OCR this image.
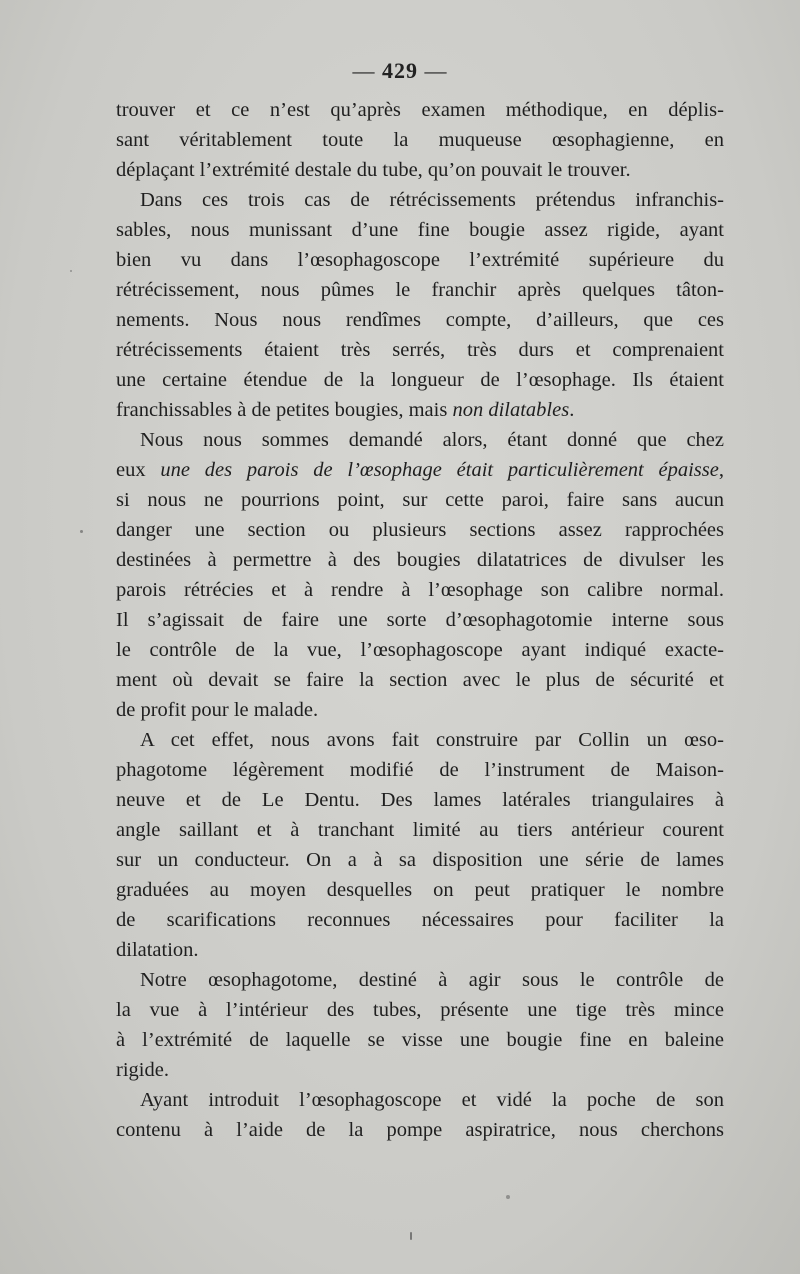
— 429 —

trouver et ce n’est qu’après examen méthodique, en déplis-
sant véritablement toute la muqueuse œsophagienne, en
déplaçant l’extrémité destale du tube, qu’on pouvait le trouver.

Dans ces trois cas de rétrécissements prétendus infranchis-
sables, nous munissant d’une fine bougie assez rigide, ayant
bien vu dans l’œsophagoscope l’extrémité supérieure du
rétrécissement, nous pûmes le franchir après quelques tâton-
nements. Nous nous rendîmes compte, d’ailleurs, que ces
rétrécissements étaient très serrés, très durs et comprenaient
une certaine étendue de la longueur de l’œsophage. Ils étaient
franchissables à de petites bougies, mais non dilatables.

Nous nous sommes demandé alors, étant donné que chez
eux une des parois de l’œsophage était particulièrement épaisse,
si nous ne pourrions point, sur cette paroi, faire sans aucun
danger une section ou plusieurs sections assez rapprochées
destinées à permettre à des bougies dilatatrices de divulser les
parois rétrécies et à rendre à l’œsophage son calibre normal.
Il s’agissait de faire une sorte d’œsophagotomie interne sous
le contrôle de la vue, l’œsophagoscope ayant indiqué exacte-
ment où devait se faire la section avec le plus de sécurité et
de profit pour le malade.

A cet effet, nous avons fait construire par Collin un œso-
phagotome légèrement modifié de l’instrument de Maison-
neuve et de Le Dentu. Des lames latérales triangulaires à
angle saillant et à tranchant limité au tiers antérieur courent
sur un conducteur. On a à sa disposition une série de lames
graduées au moyen desquelles on peut pratiquer le nombre
de scarifications reconnues nécessaires pour faciliter la
dilatation.

Notre œsophagotome, destiné à agir sous le contrôle de
la vue à l’intérieur des tubes, présente une tige très mince
à l’extrémité de laquelle se visse une bougie fine en baleine
rigide.

Ayant introduit l’œsophagoscope et vidé la poche de son
contenu à l’aide de la pompe aspiratrice, nous cherchons
